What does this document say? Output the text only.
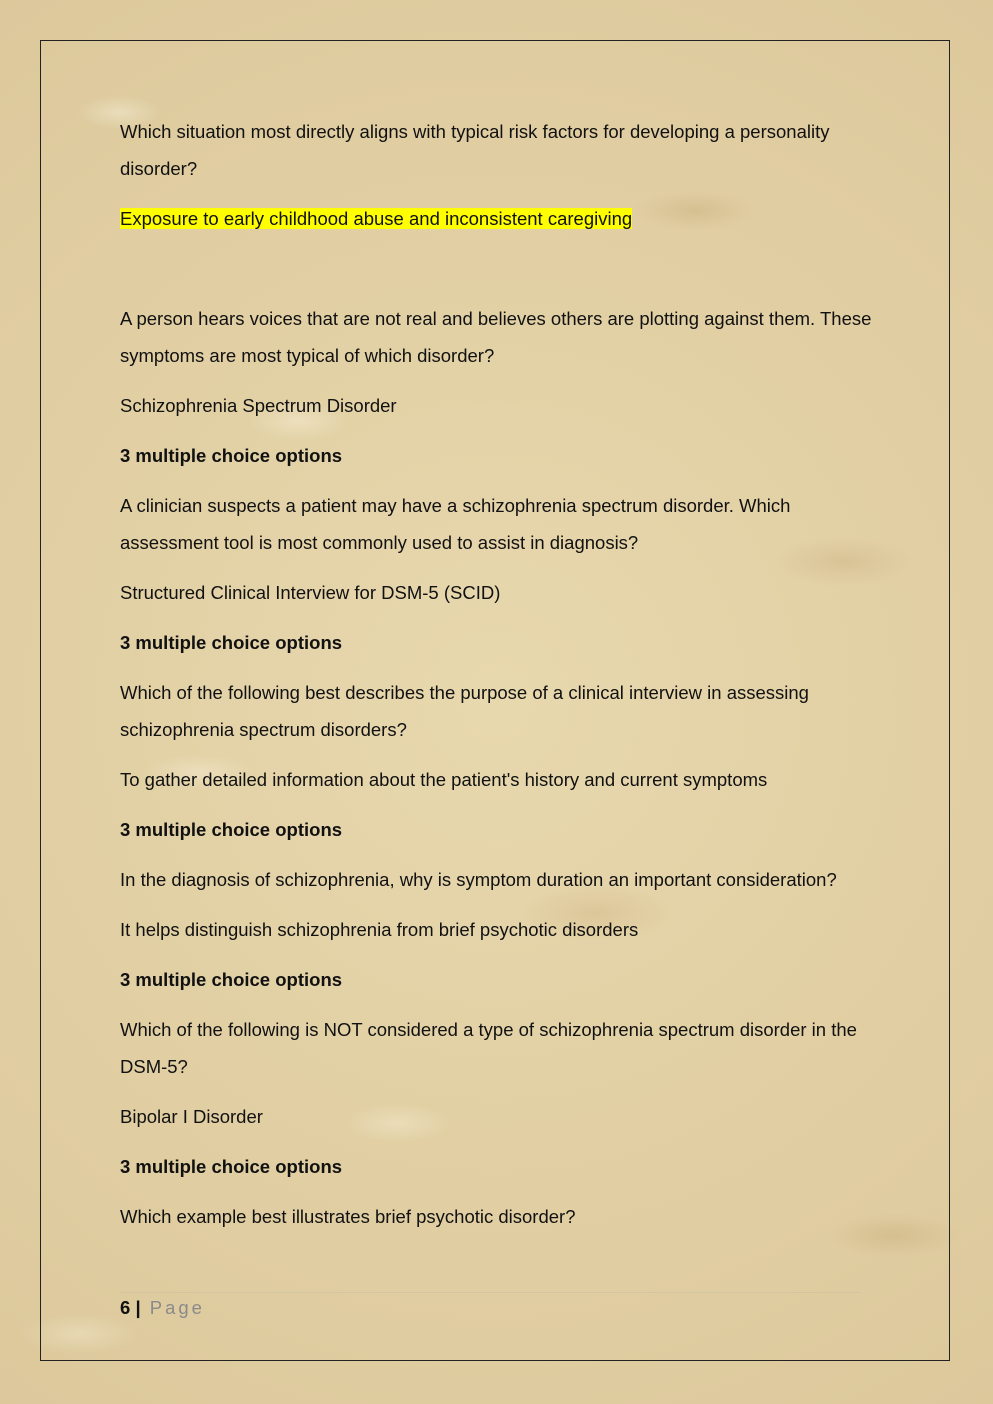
Which situation most directly aligns with typical risk factors for developing a personality disorder?

Exposure to early childhood abuse and inconsistent caregiving

A person hears voices that are not real and believes others are plotting against them. These symptoms are most typical of which disorder?

Schizophrenia Spectrum Disorder

3 multiple choice options

A clinician suspects a patient may have a schizophrenia spectrum disorder. Which assessment tool is most commonly used to assist in diagnosis?

Structured Clinical Interview for DSM-5 (SCID)

3 multiple choice options

Which of the following best describes the purpose of a clinical interview in assessing schizophrenia spectrum disorders?

To gather detailed information about the patient's history and current symptoms

3 multiple choice options

In the diagnosis of schizophrenia, why is symptom duration an important consideration?

It helps distinguish schizophrenia from brief psychotic disorders

3 multiple choice options

Which of the following is NOT considered a type of schizophrenia spectrum disorder in the DSM-5?

Bipolar I Disorder

3 multiple choice options

Which example best illustrates brief psychotic disorder?

6 | Page
